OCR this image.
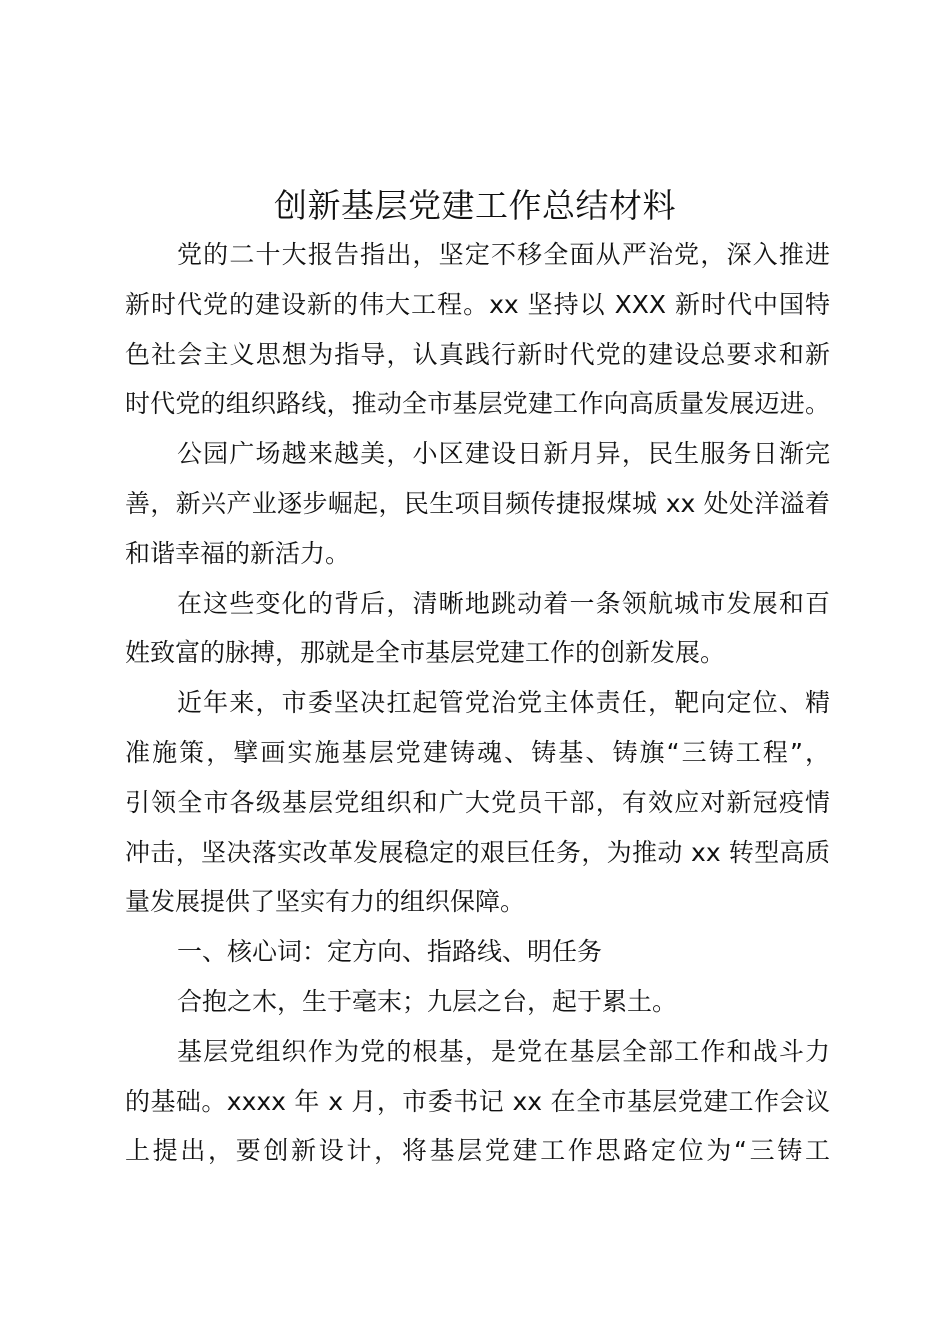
创新基层党建工作总结材料
党的二十大报告指出，坚定不移全面从严治党，深入推进
新时代党的建设新的伟大工程。xx 坚持以 XXX 新时代中国特
色社会主义思想为指导，认真践行新时代党的建设总要求和新
时代党的组织路线，推动全市基层党建工作向高质量发展迈进。
公园广场越来越美，小区建设日新月异，民生服务日渐完
善，新兴产业逐步崛起，民生项目频传捷报煤城 xx 处处洋溢着
和谐幸福的新活力。
在这些变化的背后，清晰地跳动着一条领航城市发展和百
姓致富的脉搏，那就是全市基层党建工作的创新发展。
近年来，市委坚决扛起管党治党主体责任，靶向定位、精
准施策，擘画实施基层党建铸魂、铸基、铸旗“三铸工程”，
引领全市各级基层党组织和广大党员干部，有效应对新冠疫情
冲击，坚决落实改革发展稳定的艰巨任务，为推动 xx 转型高质
量发展提供了坚实有力的组织保障。
一、核心词：定方向、指路线、明任务
合抱之木，生于毫末；九层之台，起于累土。
基层党组织作为党的根基，是党在基层全部工作和战斗力
的基础。xxxx 年 x 月，市委书记 xx 在全市基层党建工作会议
上提出，要创新设计，将基层党建工作思路定位为“三铸工
